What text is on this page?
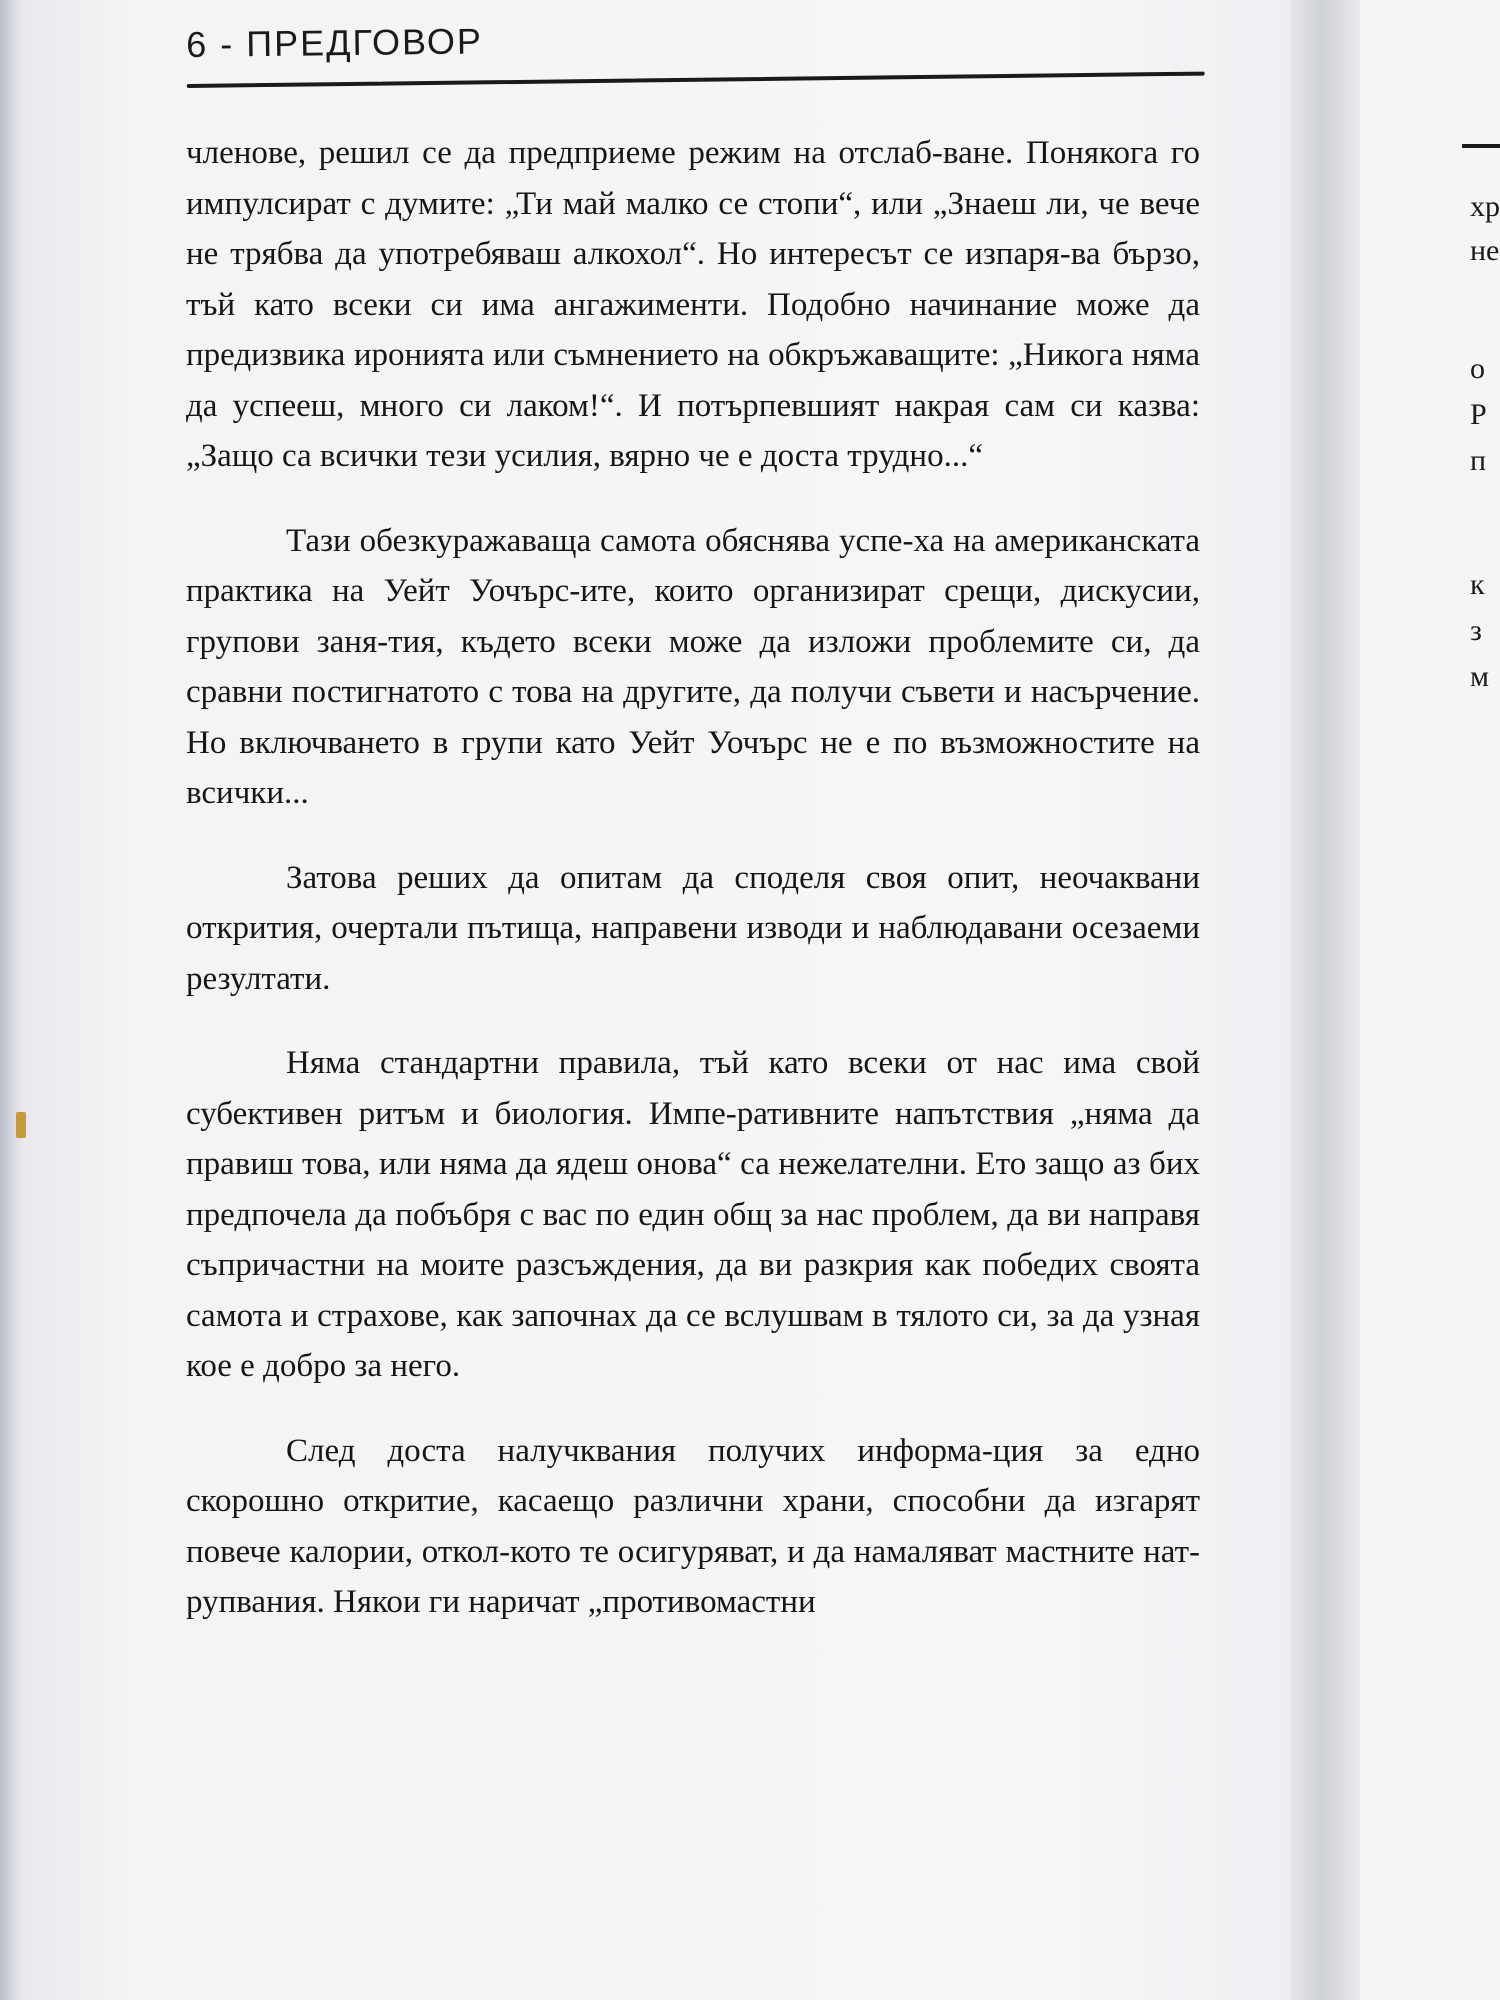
6 - ПРЕДГОВОР

членове, решил се да предприеме режим на отслаб-ване. Понякога го импулсират с думите: „Ти май малко се стопи“, или „Знаеш ли, че вече не трябва да употребяваш алкохол“. Но интересът се изпаря-ва бързо, тъй като всеки си има ангажименти. Подобно начинание може да предизвика иронията или съмнението на обкръжаващите: „Никога няма да успееш, много си лаком!“. И потърпевшият накрая сам си казва: „Защо са всички тези усилия, вярно че е доста трудно...“

Тази обезкуражаваща самота обяснява успе-ха на американската практика на Уейт Уочърс-ите, които организират срещи, дискусии, групови заня-тия, където всеки може да изложи проблемите си, да сравни постигнатото с това на другите, да получи съвети и насърчение. Но включването в групи като Уейт Уочърс не е по възможностите на всички...

Затова реших да опитам да споделя своя опит, неочаквани открития, очертали пътища, направени изводи и наблюдавани осезаеми резултати.

Няма стандартни правила, тъй като всеки от нас има свой субективен ритъм и биология. Импе-ративните напътствия „няма да правиш това, или няма да ядеш онова“ са нежелателни. Ето защо аз бих предпочела да побъбря с вас по един общ за нас проблем, да ви направя съпричастни на моите разсъждения, да ви разкрия как победих своята самота и страхове, как започнах да се вслушвам в тялото си, за да узная кое е добро за него.

След доста налучквания получих информа-ция за едно скорошно откритие, касаещо различни храни, способни да изгарят повече калории, откол-кото те осигуряват, и да намаляват мастните нат-рупвания. Някои ги наричат „противомастни

хр
не
о
Р
п
к
з
м
